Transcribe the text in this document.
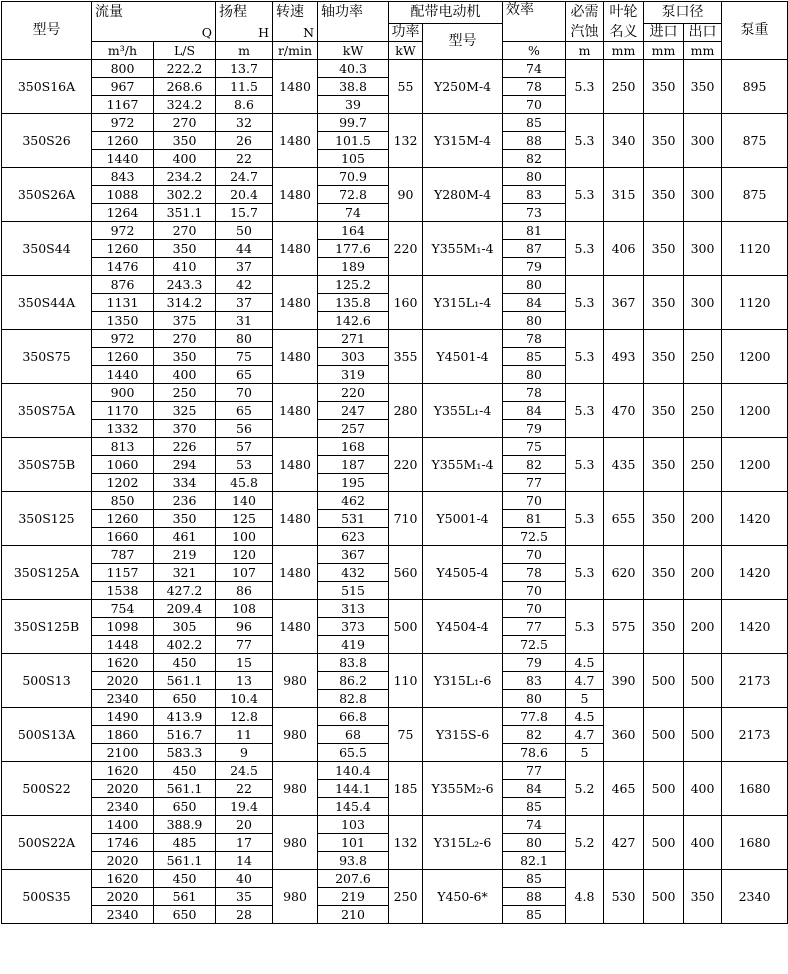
型号	流量		扬程	转速	轴功率	配带电动机		效率	必需	叶轮	泵口径		泵重
	Q		H	N		功率	型号		汽蚀	名义	进口	出口	
	m³/h	L/S	m	r/min	kW	kW		%	m	mm	mm	mm	
350S16A	800	222.2	13.7	1480	40.3	55	Y250M-4	74	5.3	250	350	350	895
	967	268.6	11.5		38.8			78					
	1167	324.2	8.6		39			70					
350S26	972	270	32	1480	99.7	132	Y315M-4	85	5.3	340	350	300	875
	1260	350	26		101.5			88					
	1440	400	22		105			82					
350S26A	843	234.2	24.7	1480	70.9	90	Y280M-4	80	5.3	315	350	300	875
	1088	302.2	20.4		72.8			83					
	1264	351.1	15.7		74			73					
350S44	972	270	50	1480	164	220	Y355M₁-4	81	5.3	406	350	300	1120
	1260	350	44		177.6			87					
	1476	410	37		189			79					
350S44A	876	243.3	42	1480	125.2	160	Y315L₁-4	80	5.3	367	350	300	1120
	1131	314.2	37		135.8			84					
	1350	375	31		142.6			80					
350S75	972	270	80	1480	271	355	Y4501-4	78	5.3	493	350	250	1200
	1260	350	75		303			85					
	1440	400	65		319			80					
350S75A	900	250	70	1480	220	280	Y355L₁-4	78	5.3	470	350	250	1200
	1170	325	65		247			84					
	1332	370	56		257			79					
350S75B	813	226	57	1480	168	220	Y355M₁-4	75	5.3	435	350	250	1200
	1060	294	53		187			82					
	1202	334	45.8		195			77					
350S125	850	236	140	1480	462	710	Y5001-4	70	5.3	655	350	200	1420
	1260	350	125		531			81					
	1660	461	100		623			72.5					
350S125A	787	219	120	1480	367	560	Y4505-4	70	5.3	620	350	200	1420
	1157	321	107		432			78					
	1538	427.2	86		515			70					
350S125B	754	209.4	108	1480	313	500	Y4504-4	70	5.3	575	350	200	1420
	1098	305	96		373			77					
	1448	402.2	77		419			72.5					
500S13	1620	450	15	980	83.8	110	Y315L₁-6	79	4.5	390	500	500	2173
	2020	561.1	13		86.2			83	4.7				
	2340	650	10.4		82.8			80	5				
500S13A	1490	413.9	12.8	980	66.8	75	Y315S-6	77.8	4.5	360	500	500	2173
	1860	516.7	11		68			82	4.7				
	2100	583.3	9		65.5			78.6	5				
500S22	1620	450	24.5	980	140.4	185	Y355M₂-6	77	5.2	465	500	400	1680
	2020	561.1	22		144.1			84					
	2340	650	19.4		145.4			85					
500S22A	1400	388.9	20	980	103	132	Y315L₂-6	74	5.2	427	500	400	1680
	1746	485	17		101			80					
	2020	561.1	14		93.8			82.1					
500S35	1620	450	40	980	207.6	250	Y450-6*	85	4.8	530	500	350	2340
	2020	561	35		219			88					
	2340	650	28		210			85					
